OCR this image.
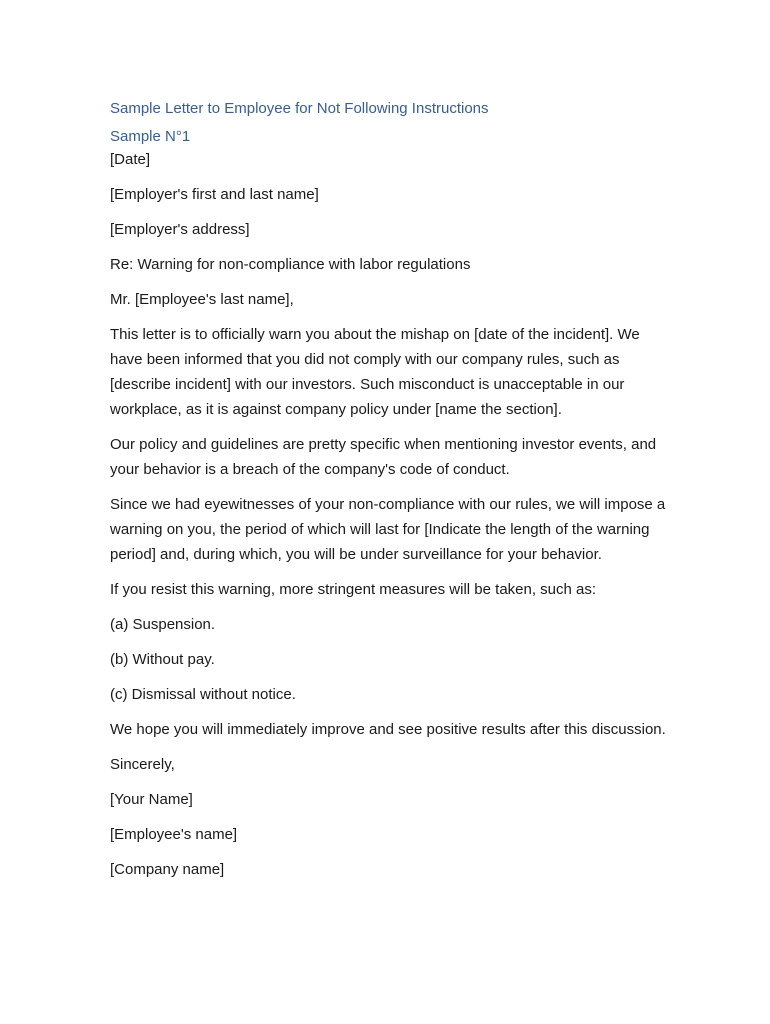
Sample Letter to Employee for Not Following Instructions

Sample N°1

[Date]

[Employer's first and last name]

[Employer's address]

Re: Warning for non-compliance with labor regulations

Mr. [Employee's last name],

This letter is to officially warn you about the mishap on [date of the incident]. We have been informed that you did not comply with our company rules, such as [describe incident] with our investors. Such misconduct is unacceptable in our workplace, as it is against company policy under [name the section].

Our policy and guidelines are pretty specific when mentioning investor events, and your behavior is a breach of the company's code of conduct.

Since we had eyewitnesses of your non-compliance with our rules, we will impose a warning on you, the period of which will last for [Indicate the length of the warning period] and, during which, you will be under surveillance for your behavior.

If you resist this warning, more stringent measures will be taken, such as:

(a) Suspension.

(b) Without pay.

(c) Dismissal without notice.

We hope you will immediately improve and see positive results after this discussion.

Sincerely,

[Your Name]

[Employee's name]

[Company name]
